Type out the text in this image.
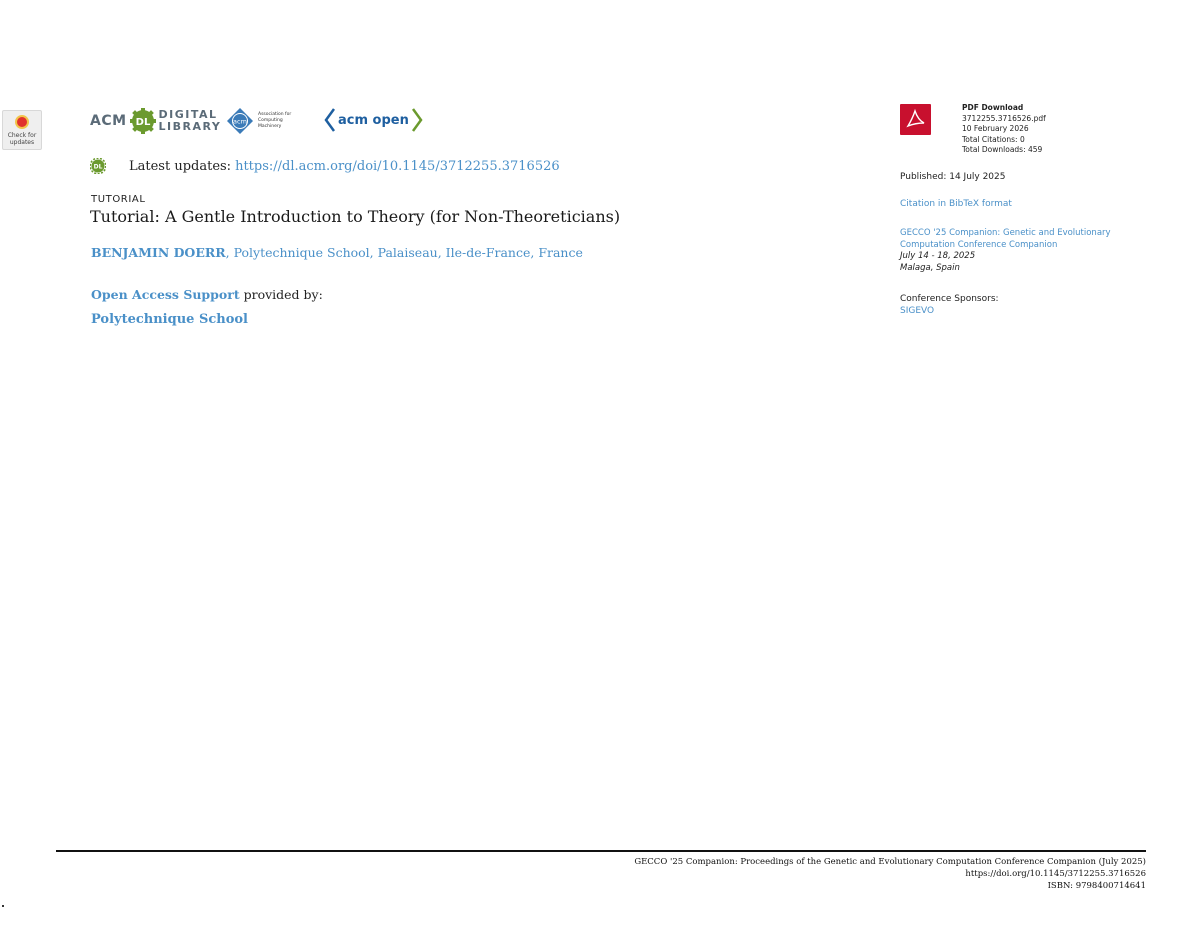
Check for updates
ACM DL
DIGITAL
LIBRARY acm
Association for Computing Machinery	acm open
DL Latest updates: https://dl.acm.org/doi/10.1145/3712255.3716526
TUTORIAL
Tutorial: A Gentle Introduction to Theory (for Non-Theoreticians)
BENJAMIN DOERR, Polytechnique School, Palaiseau, Ile-de-France, France
Open Access Support provided by:
Polytechnique School
PDF Download
3712255.3716526.pdf
10 February 2026
Total Citations: 0
Total Downloads: 459
Published: 14 July 2025
Citation in BibTeX format
GECCO '25 Companion: Genetic and Evolutionary Computation Conference Companion
July 14 - 18, 2025
Malaga, Spain
Conference Sponsors:
SIGEVO
GECCO '25 Companion: Proceedings of the Genetic and Evolutionary Computation Conference Companion (July 2025)
https://doi.org/10.1145/3712255.3716526
ISBN: 9798400714641
